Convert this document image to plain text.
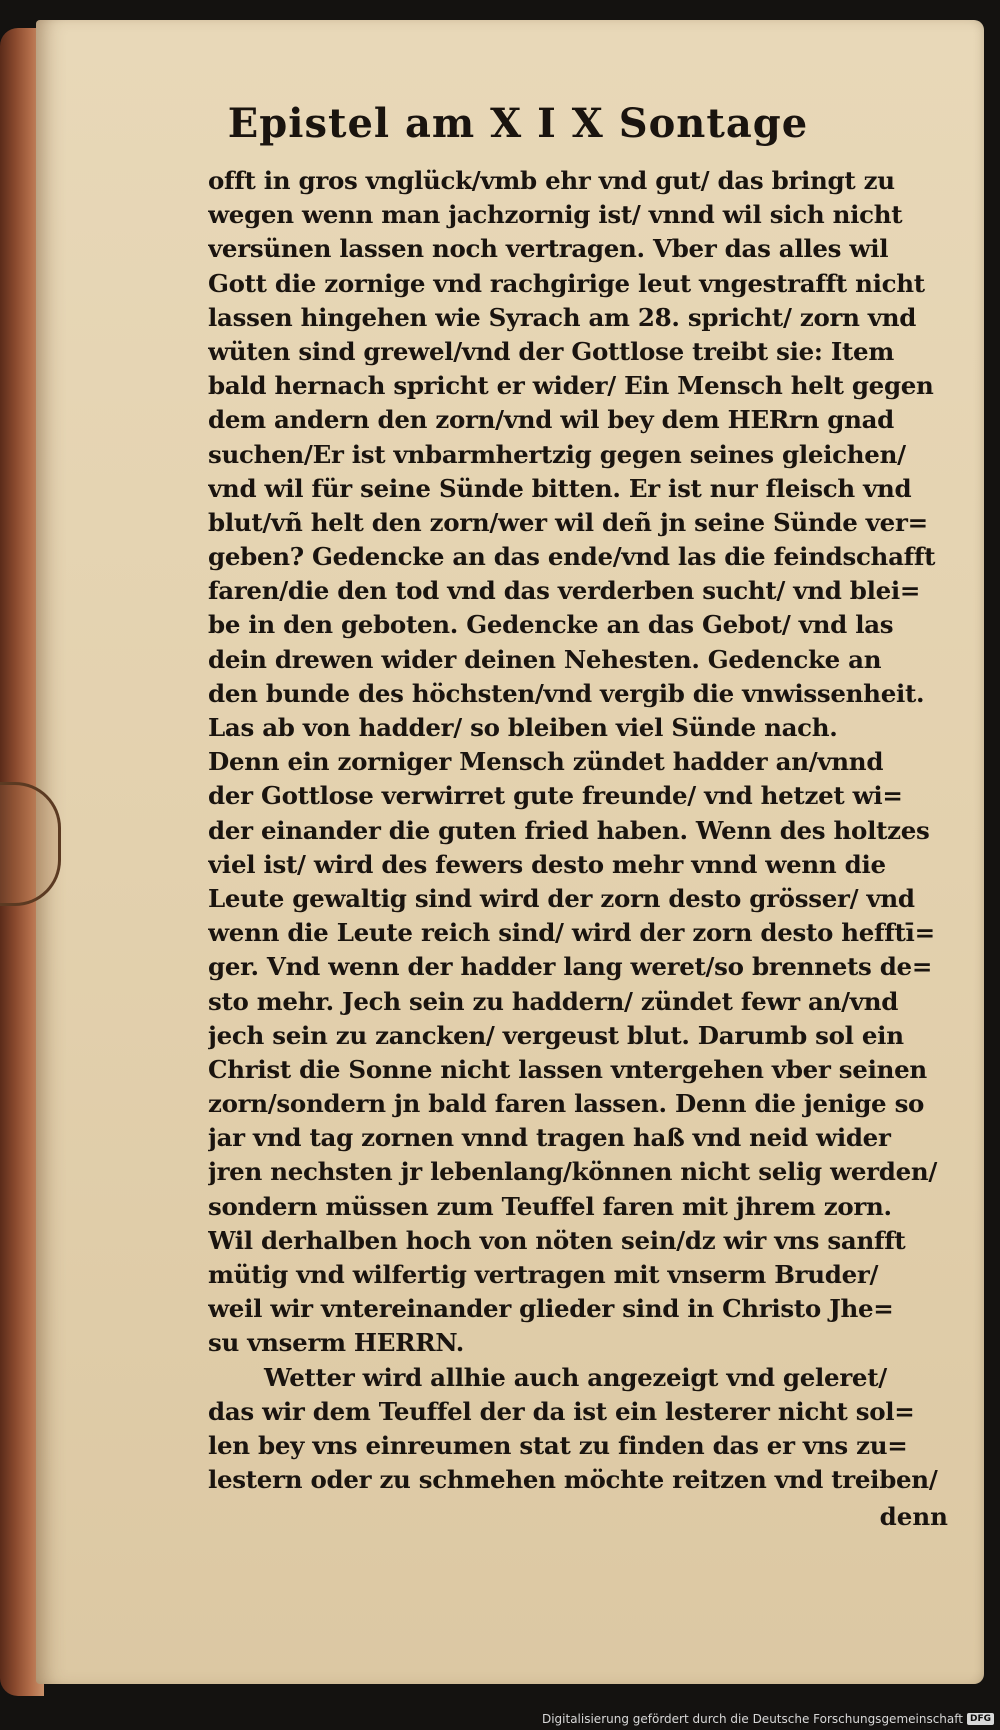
Epistel am X I X Sontage
offt in gros vnglück/vmb ehr vnd gut/ das bringt zu
wegen wenn man jachzornig ist/ vnnd wil sich nicht
versünen lassen noch vertragen. Vber das alles wil
Gott die zornige vnd rachgirige leut vngestrafft nicht
lassen hingehen wie Syrach am 28. spricht/ zorn vnd
wüten sind grewel/vnd der Gottlose treibt sie: Item
bald hernach spricht er wider/ Ein Mensch helt gegen
dem andern den zorn/vnd wil bey dem HERrn gnad
suchen/Er ist vnbarmhertzig gegen seines gleichen/
vnd wil für seine Sünde bitten. Er ist nur fleisch vnd
blut/vñ helt den zorn/wer wil deñ jn seine Sünde ver=
geben? Gedencke an das ende/vnd las die feindschafft
faren/die den tod vnd das verderben sucht/ vnd blei=
be in den geboten. Gedencke an das Gebot/ vnd las
dein drewen wider deinen Nehesten. Gedencke an
den bunde des höchsten/vnd vergib die vnwissenheit.
Las ab von hadder/ so bleiben viel Sünde nach.
Denn ein zorniger Mensch zündet hadder an/vnnd
der Gottlose verwirret gute freunde/ vnd hetzet wi=
der einander die guten fried haben. Wenn des holtzes
viel ist/ wird des fewers desto mehr vnnd wenn die
Leute gewaltig sind wird der zorn desto grösser/ vnd
wenn die Leute reich sind/ wird der zorn desto hefftī=
ger. Vnd wenn der hadder lang weret/so brennets de=
sto mehr. Jech sein zu haddern/ zündet fewr an/vnd
jech sein zu zancken/ vergeust blut. Darumb sol ein
Christ die Sonne nicht lassen vntergehen vber seinen
zorn/sondern jn bald faren lassen. Denn die jenige so
jar vnd tag zornen vnnd tragen haß vnd neid wider
jren nechsten jr lebenlang/können nicht selig werden/
sondern müssen zum Teuffel faren mit jhrem zorn.
Wil derhalben hoch von nöten sein/dz wir vns sanfft
mütig vnd wilfertig vertragen mit vnserm Bruder/
weil wir vntereinander glieder sind in Christo Jhe=
su vnserm HERRN.
Wetter wird allhie auch angezeigt vnd geleret/
das wir dem Teuffel der da ist ein lesterer nicht sol=
len bey vns einreumen stat zu finden das er vns zu=
lestern oder zu schmehen möchte reitzen vnd treiben/
denn
Digitalisierung gefördert durch die Deutsche Forschungsgemeinschaft DFG
